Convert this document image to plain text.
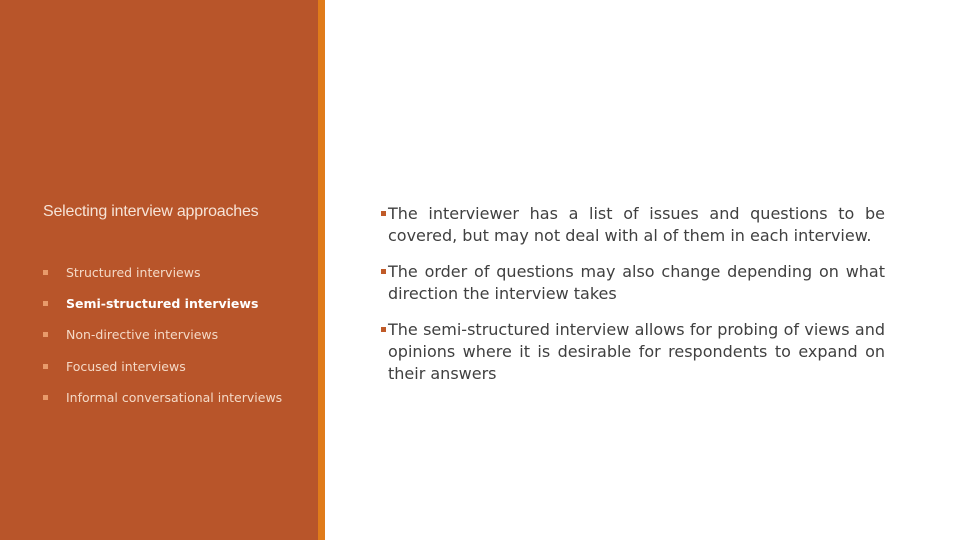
Selecting interview approaches
Structured interviews
Semi-structured interviews
Non-directive interviews
Focused interviews
Informal conversational interviews
The interviewer has a list of issues and questions to be covered, but may not deal with al of them in each interview.
The order of questions may also change depending on what direction the interview takes
The semi-structured interview allows for probing of views and opinions where it is desirable for respondents to expand on their answers
